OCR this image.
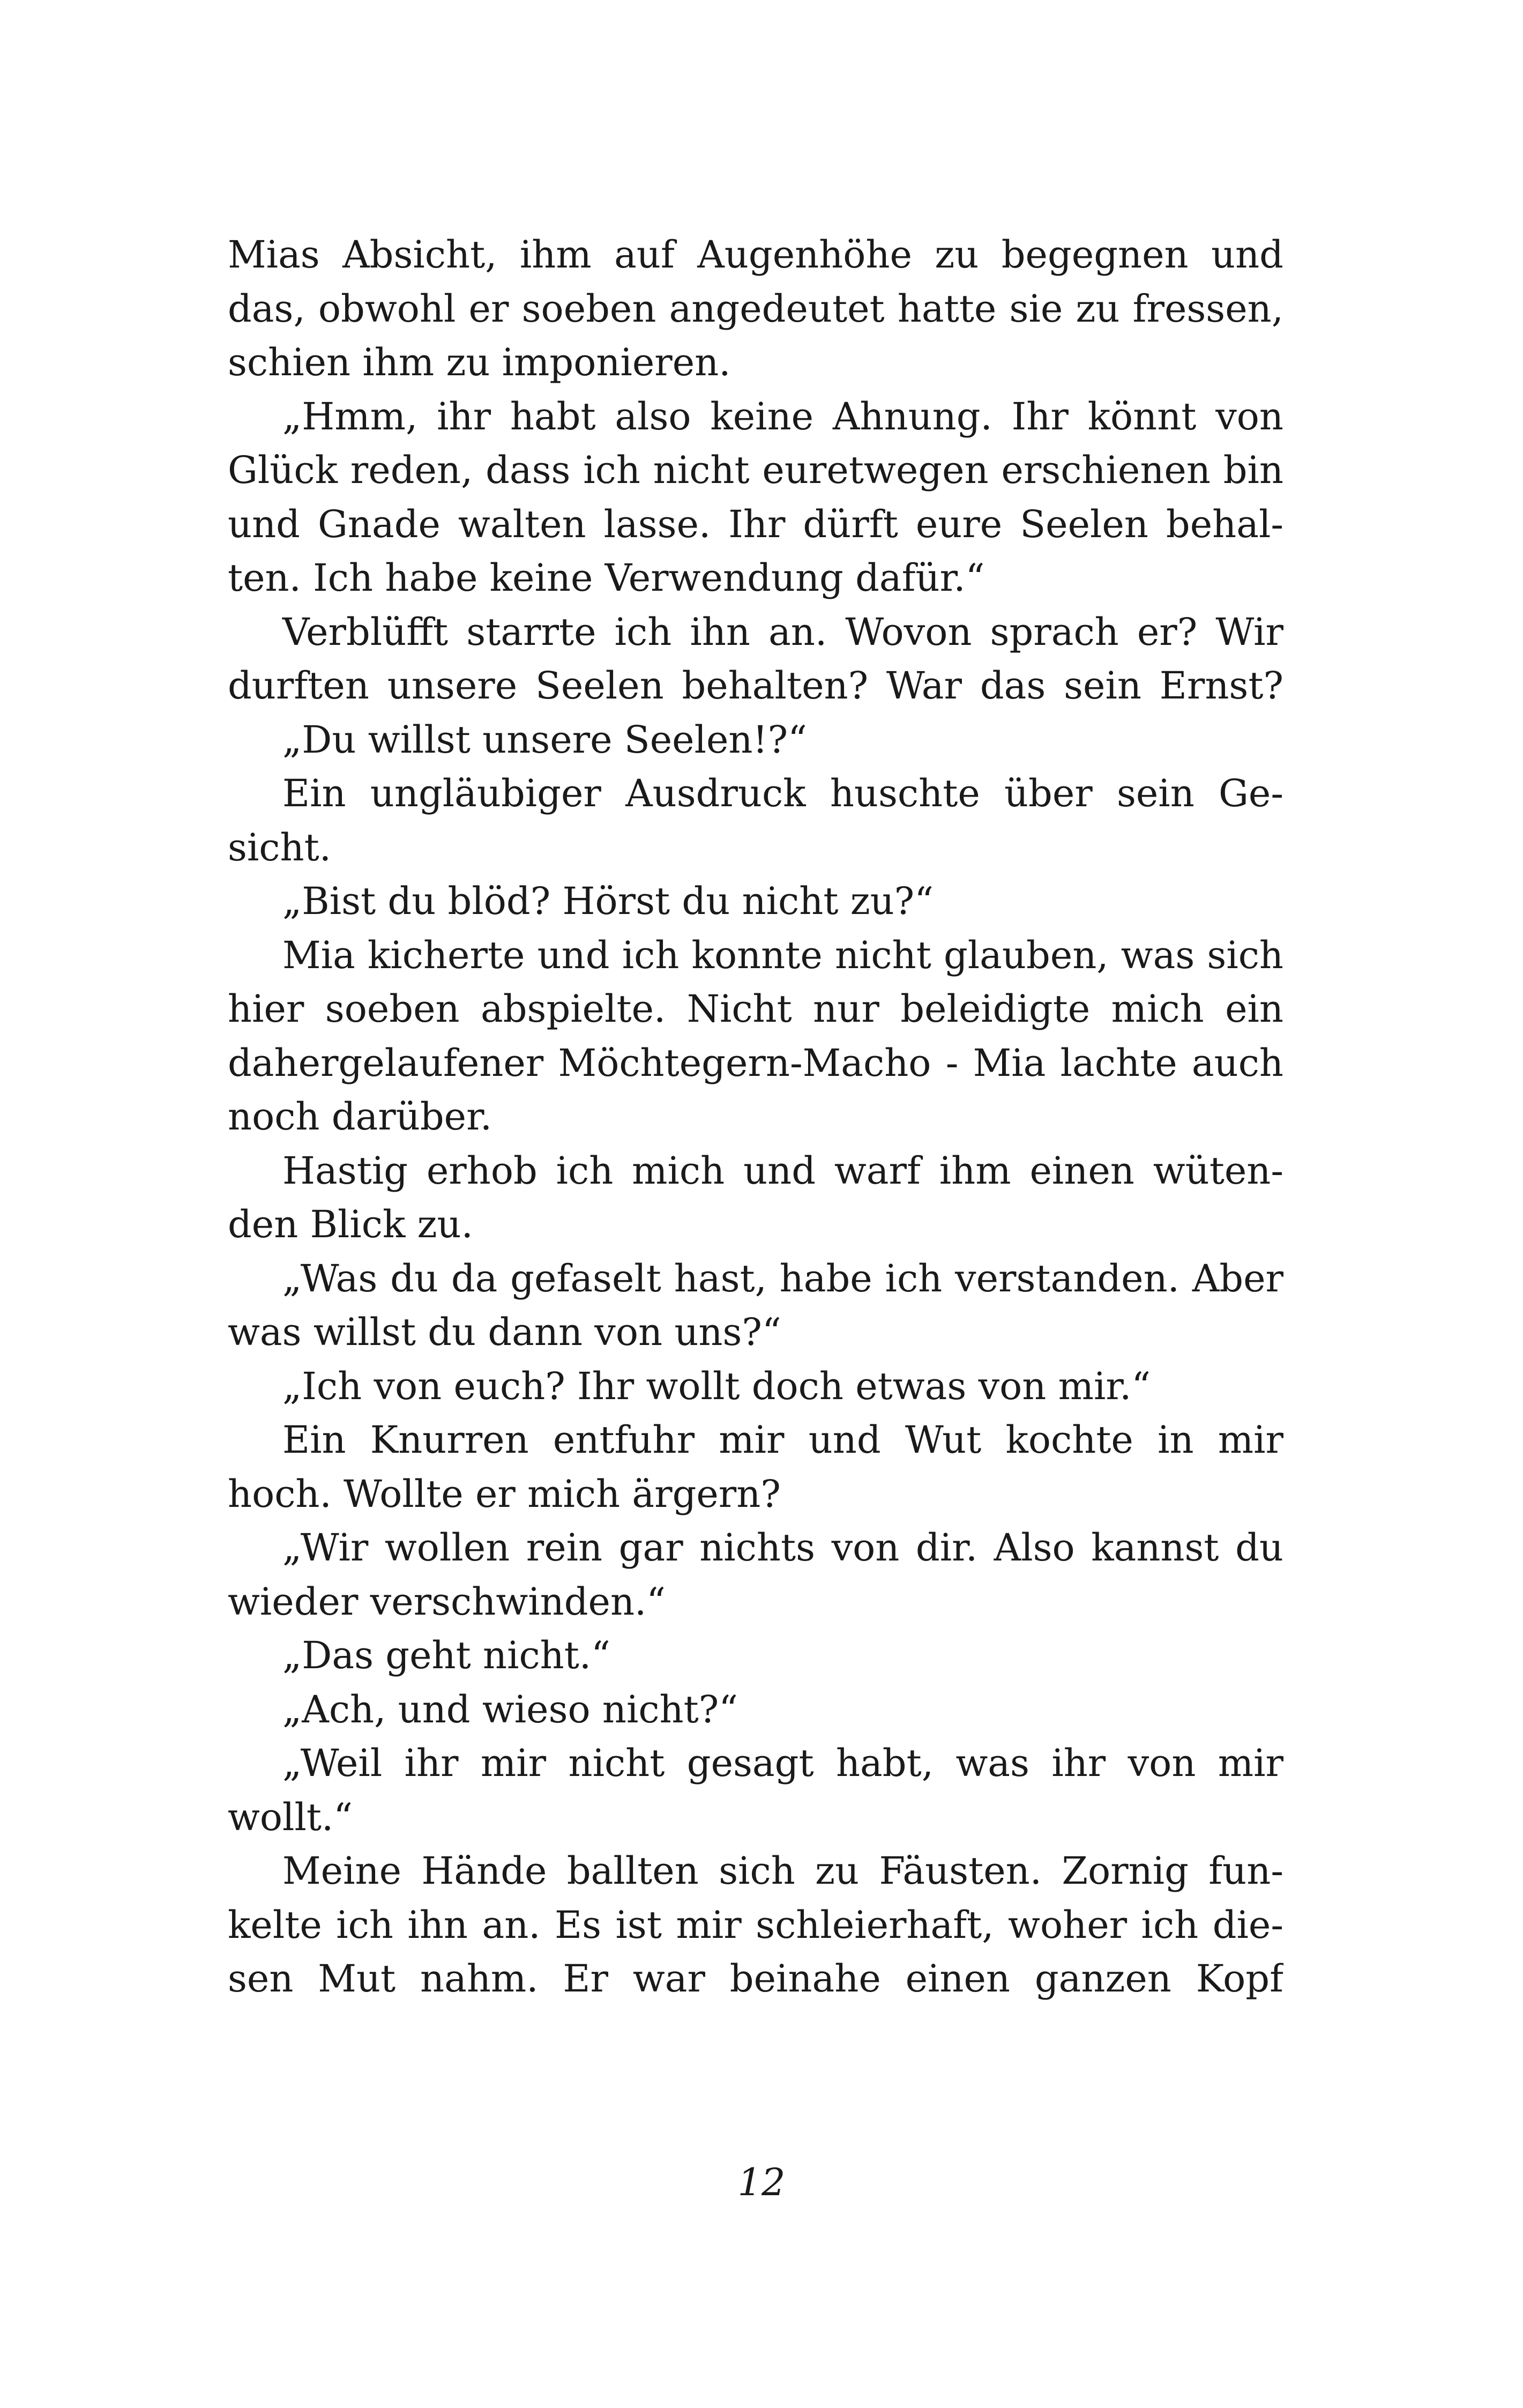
Mias Absicht, ihm auf Augenhöhe zu begegnen und
das, obwohl er soeben angedeutet hatte sie zu fressen,
schien ihm zu imponieren.
„Hmm, ihr habt also keine Ahnung. Ihr könnt von
Glück reden, dass ich nicht euretwegen erschienen bin
und Gnade walten lasse. Ihr dürft eure Seelen behal-
ten. Ich habe keine Verwendung dafür.“
Verblüfft starrte ich ihn an. Wovon sprach er? Wir
durften unsere Seelen behalten? War das sein Ernst?
„Du willst unsere Seelen!?“
Ein ungläubiger Ausdruck huschte über sein Ge-
sicht.
„Bist du blöd? Hörst du nicht zu?“
Mia kicherte und ich konnte nicht glauben, was sich
hier soeben abspielte. Nicht nur beleidigte mich ein
dahergelaufener Möchtegern-Macho - Mia lachte auch
noch darüber.
Hastig erhob ich mich und warf ihm einen wüten-
den Blick zu.
„Was du da gefaselt hast, habe ich verstanden. Aber
was willst du dann von uns?“
„Ich von euch? Ihr wollt doch etwas von mir.“
Ein Knurren entfuhr mir und Wut kochte in mir
hoch. Wollte er mich ärgern?
„Wir wollen rein gar nichts von dir. Also kannst du
wieder verschwinden.“
„Das geht nicht.“
„Ach, und wieso nicht?“
„Weil ihr mir nicht gesagt habt, was ihr von mir
wollt.“
Meine Hände ballten sich zu Fäusten. Zornig fun-
kelte ich ihn an. Es ist mir schleierhaft, woher ich die-
sen Mut nahm. Er war beinahe einen ganzen Kopf
12
